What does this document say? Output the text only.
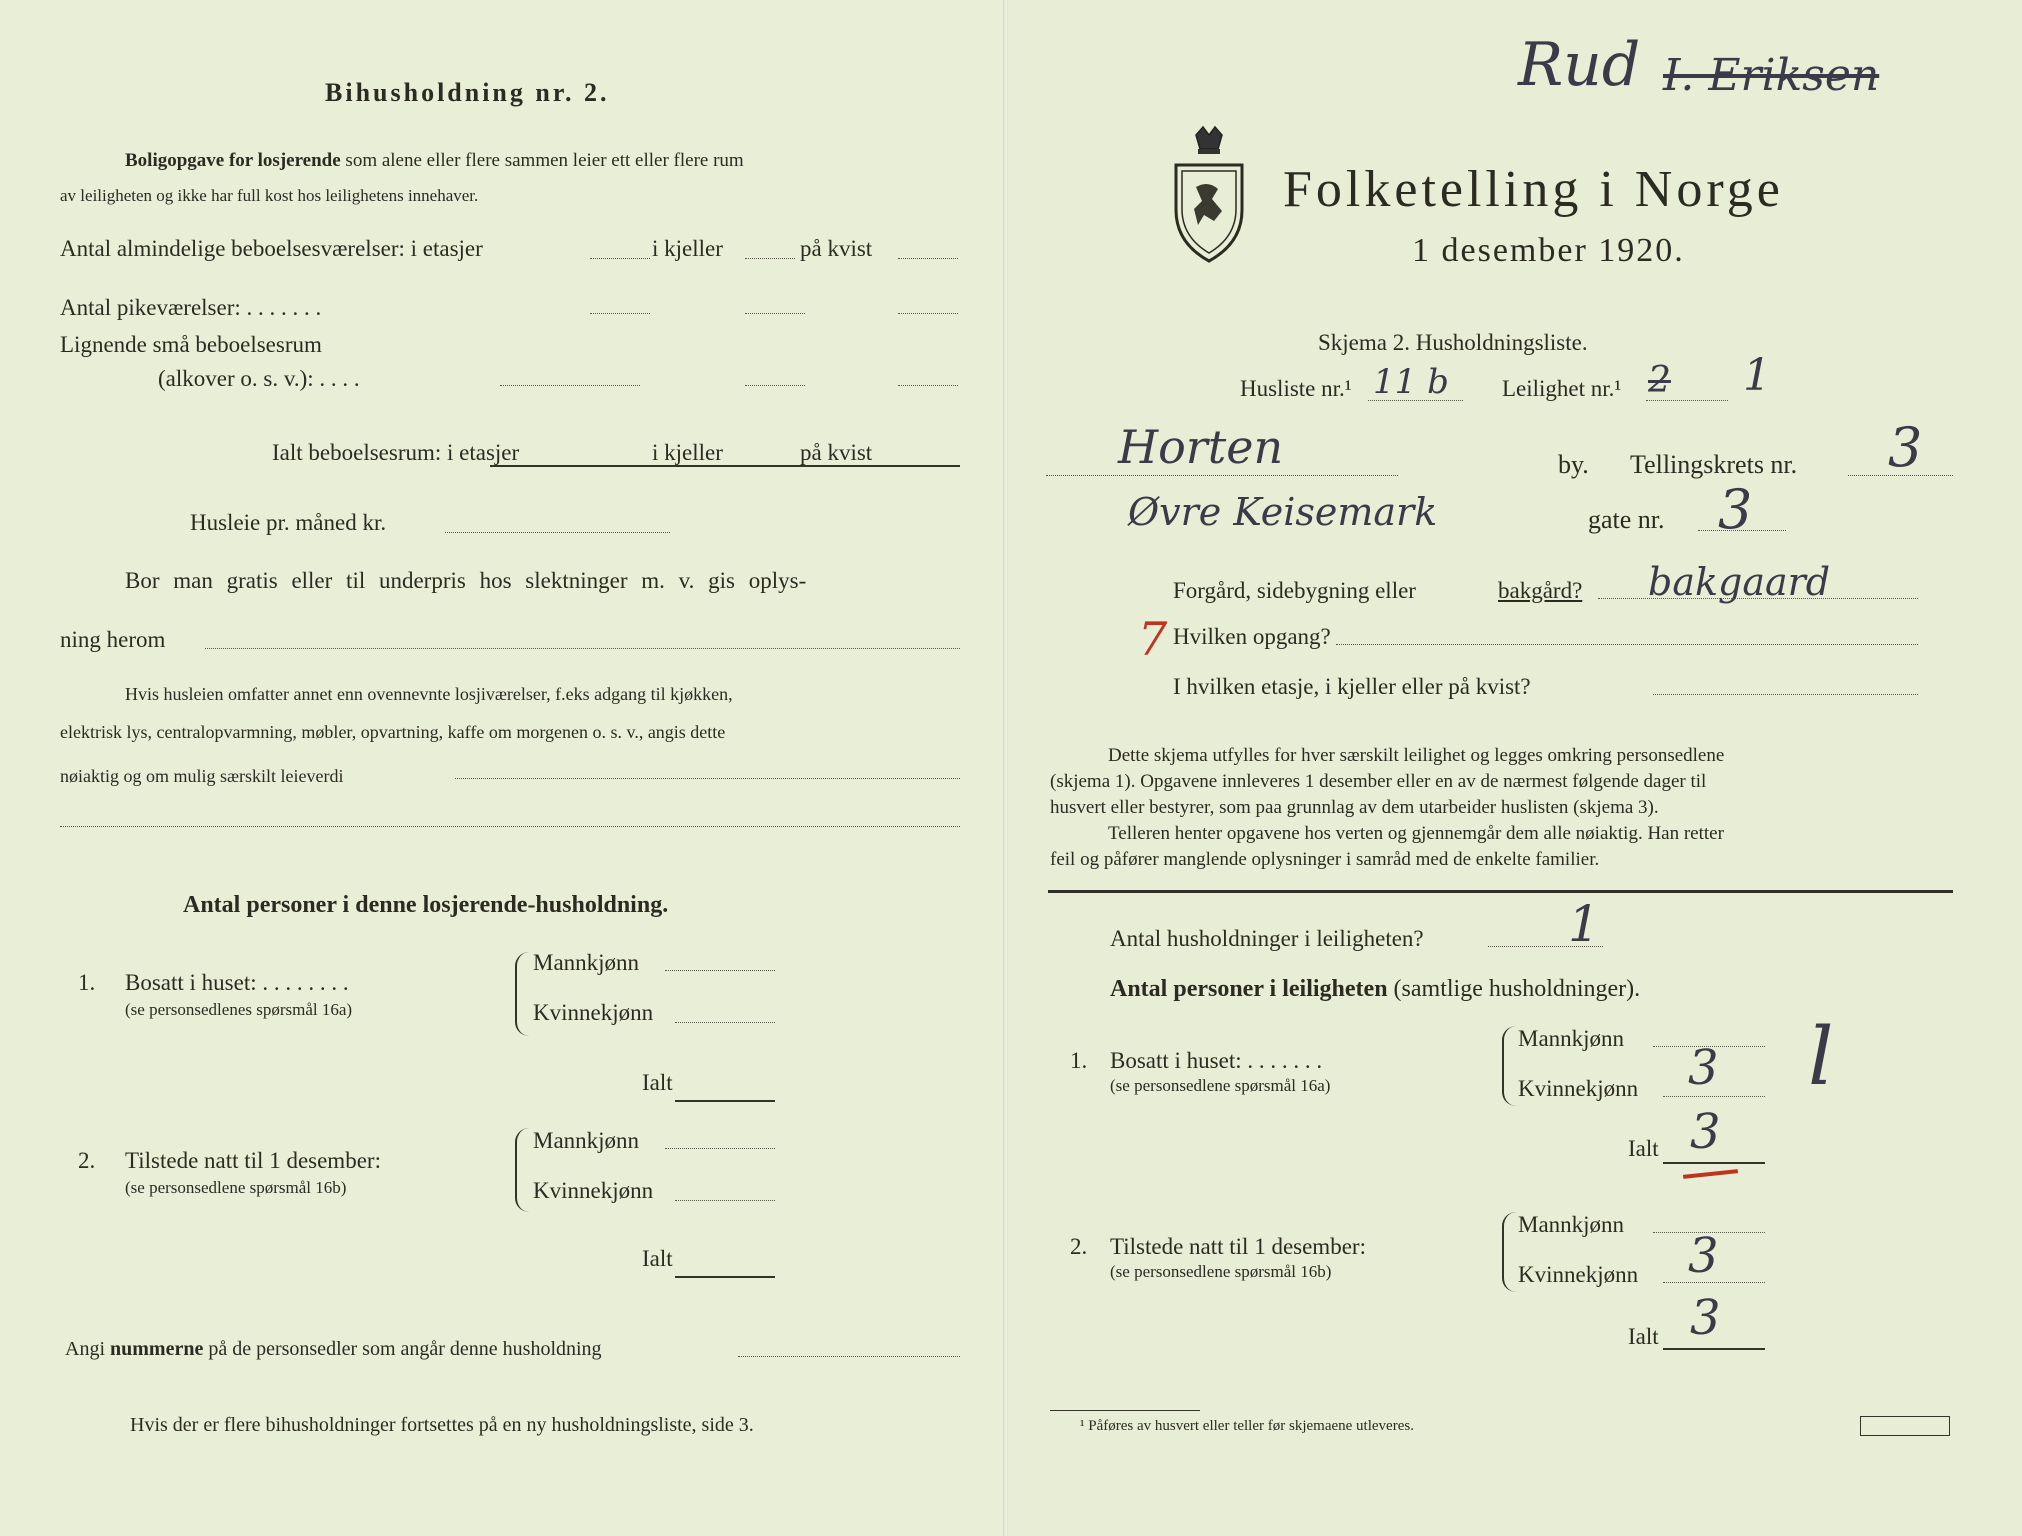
Bihusholdning nr. 2.
Boligopgave for losjerende som alene eller flere sammen leier ett eller flere rum
av leiligheten og ikke har full kost hos leilighetens innehaver.
Antal almindelige beboelsesværelser: i etasjer	i kjeller	på kvist
Antal pikeværelser: . . . . . . .
Lignende små beboelsesrum
(alkover o. s. v.): . . . .
Ialt beboelsesrum: i etasjer	i kjeller	på kvist
Husleie pr. måned kr.
Bor man gratis eller til underpris hos slektninger m. v. gis oplys-
ning herom
Hvis husleien omfatter annet enn ovennevnte losjiværelser, f.eks adgang til kjøkken,
elektrisk lys, centralopvarmning, møbler, opvartning, kaffe om morgenen o. s. v., angis dette
nøiaktig og om mulig særskilt leieverdi
Antal personer i denne losjerende-husholdning.
1. Bosatt i huset: . . . . . . . .
(se personsedlenes spørsmål 16a)
Mannkjønn
Kvinnekjønn
Ialt
2. Tilstede natt til 1 desember:
(se personsedlene spørsmål 16b)
Mannkjønn
Kvinnekjønn
Ialt
Angi nummerne på de personsedler som angår denne husholdning
Hvis der er flere bihusholdninger fortsettes på en ny husholdningsliste, side 3.
Rud I. Eriksen
Folketelling i Norge
1 desember 1920.
Skjema 2. Husholdningsliste.
Husliste nr.¹ 11 b Leilighet nr.¹ 2 1
Horten	by. Tellingskrets nr. 3
Øvre Keisemark	gate nr. 3
Forgård, sidebygning eller	bakgård? bakgaard
7 Hvilken opgang?
I hvilken etasje, i kjeller eller på kvist?
Dette skjema utfylles for hver særskilt leilighet og legges omkring personsedlene
(skjema 1). Opgavene innleveres 1 desember eller en av de nærmest følgende dager til
husvert eller bestyrer, som paa grunnlag av dem utarbeider huslisten (skjema 3).
Telleren henter opgavene hos verten og gjennemgår dem alle nøiaktig. Han retter
feil og påfører manglende oplysninger i samråd med de enkelte familier.
Antal husholdninger i leiligheten?	1
Antal personer i leiligheten (samtlige husholdninger).
1. Bosatt i huset: . . . . . . .
(se personsedlene spørsmål 16a)
Mannkjønn
Kvinnekjønn 3 l
Ialt 3
2. Tilstede natt til 1 desember:
(se personsedlene spørsmål 16b)
Mannkjønn
Kvinnekjønn 3
Ialt 3
¹ Påføres av husvert eller teller før skjemaene utleveres.
